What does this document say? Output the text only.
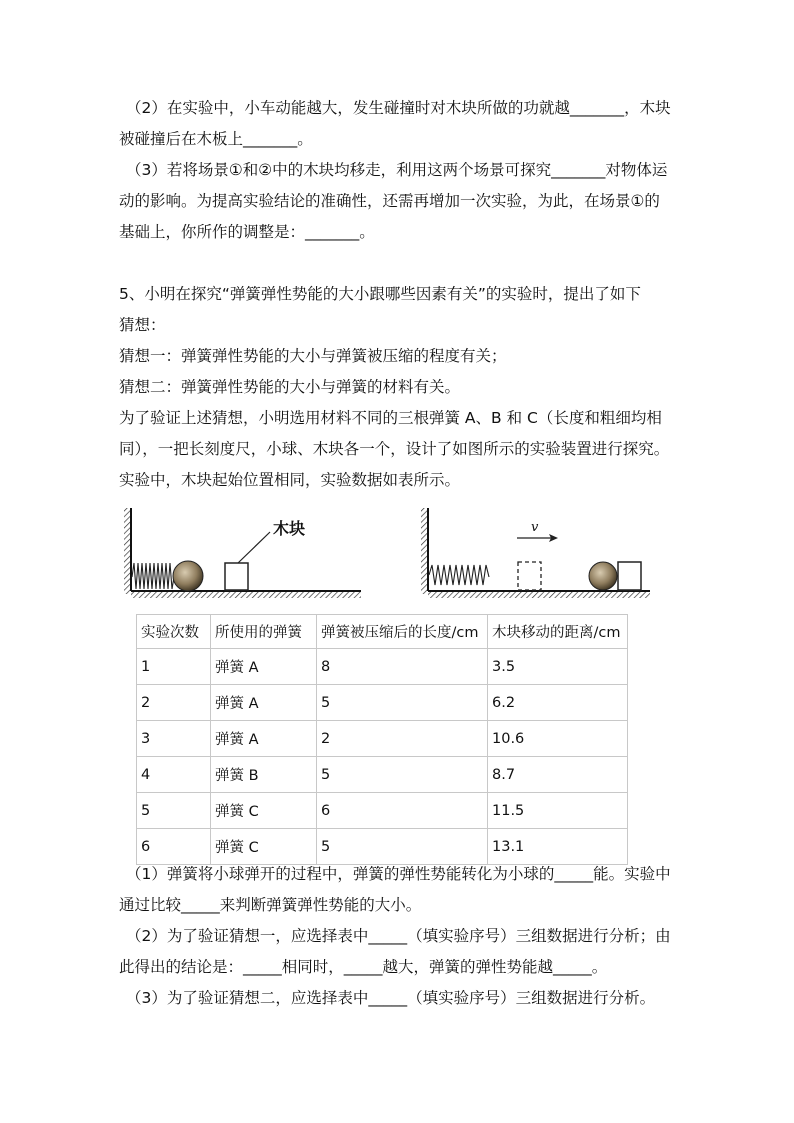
（2）在实验中，小车动能越大，发生碰撞时对木块所做的功就越_______，木块
被碰撞后在木板上_______。
（3）若将场景①和②中的木块均移走，利用这两个场景可探究_______对物体运
动的影响。为提高实验结论的准确性，还需再增加一次实验，为此，在场景①的
基础上，你所作的调整是：_______。
5、小明在探究“弹簧弹性势能的大小跟哪些因素有关”的实验时，提出了如下
猜想：
猜想一：弹簧弹性势能的大小与弹簧被压缩的程度有关；
猜想二：弹簧弹性势能的大小与弹簧的材料有关。
为了验证上述猜想，小明选用材料不同的三根弹簧 A、B 和 C（长度和粗细均相
同），一把长刻度尺，小球、木块各一个，设计了如图所示的实验装置进行探究。
实验中，木块起始位置相同，实验数据如表所示。
木块	v
实验次数	所使用的弹簧	弹簧被压缩后的长度/cm	木块移动的距离/cm
1	弹簧 A	8	3.5
2	弹簧 A	5	6.2
3	弹簧 A	2	10.6
4	弹簧 B	5	8.7
5	弹簧 C	6	11.5
6	弹簧 C	5	13.1
（1）弹簧将小球弹开的过程中，弹簧的弹性势能转化为小球的_____能。实验中
通过比较_____来判断弹簧弹性势能的大小。
（2）为了验证猜想一，应选择表中_____（填实验序号）三组数据进行分析；由
此得出的结论是：_____相同时，_____越大，弹簧的弹性势能越_____。
（3）为了验证猜想二，应选择表中_____（填实验序号）三组数据进行分析。
